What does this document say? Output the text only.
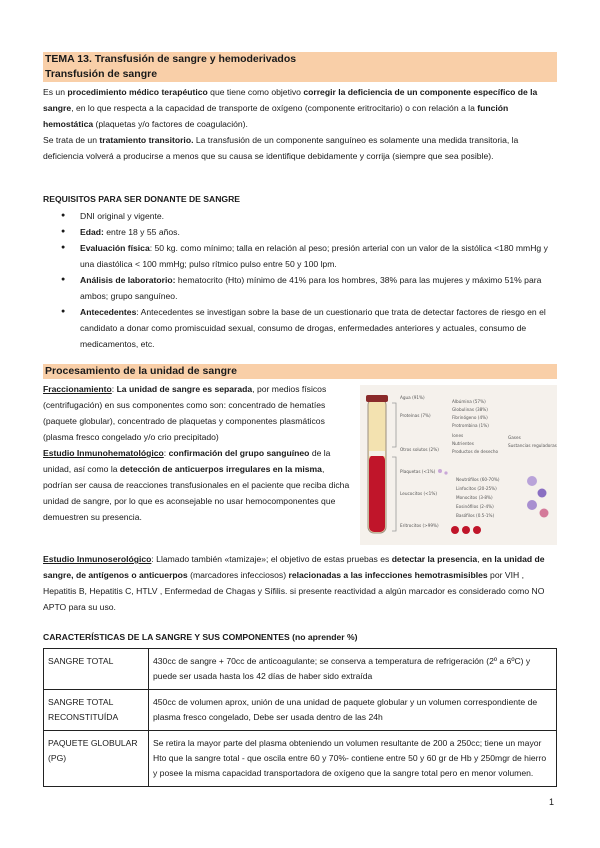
TEMA 13. Transfusión de sangre y hemoderivados
Transfusión de sangre
Es un procedimiento médico terapéutico que tiene como objetivo corregir la deficiencia de un componente específico de la sangre, en lo que respecta a la capacidad de transporte de oxígeno (componente eritrocitario) o con relación a la función hemostática (plaquetas y/o factores de coagulación).
Se trata de un tratamiento transitorio. La transfusión de un componente sanguíneo es solamente una medida transitoria, la deficiencia volverá a producirse a menos que su causa se identifique debidamente y corrija (siempre que sea posible).
REQUISITOS PARA SER DONANTE DE SANGRE
● DNI original y vigente.
● Edad: entre 18 y 55 años.
● Evaluación física: 50 kg. como mínimo; talla en relación al peso; presión arterial con un valor de la sistólica <180 mmHg y una diastólica < 100 mmHg; pulso rítmico pulso entre 50 y 100 lpm.
● Análisis de laboratorio: hematocrito (Hto) mínimo de 41% para los hombres, 38% para las mujeres y máximo 51% para ambos; grupo sanguíneo.
● Antecedentes: Antecedentes se investigan sobre la base de un cuestionario que trata de detectar factores de riesgo en el candidato a donar como promiscuidad sexual, consumo de drogas, enfermedades anteriores y actuales, consumo de medicamentos, etc.
Procesamiento de la unidad de sangre
Fraccionamiento: La unidad de sangre es separada, por medios físicos (centrifugación) en sus componentes como son: concentrado de hematíes (paquete globular), concentrado de plaquetas y componentes plasmáticos (plasma fresco congelado y/o crio precipitado)
Estudio Inmunohematológico: confirmación del grupo sanguíneo de la unidad, así como la detección de anticuerpos irregulares en la misma, podrían ser causa de reacciones transfusionales en el paciente que reciba dicha unidad de sangre, por lo que es aconsejable no usar hemocomponentes que demuestren su presencia.
Estudio Inmunoserológico: Llamado también «tamizaje»; el objetivo de estas pruebas es detectar la presencia, en la unidad de sangre, de antígenos o anticuerpos (marcadores infecciosos) relacionadas a las infecciones hemotrasmisibles por VIH , Hepatitis B, Hepatitis C, HTLV , Enfermedad de Chagas y Sífilis. si presente reactividad a algún marcador es considerado como NO APTO para su uso.
Agua (91%)
Proteínas (7%)
Albúmina (57%)
Globulinas (38%)
Fibrinógeno (4%)
Protrombina (1%)
Otros solutos (2%)
Iones
Nutrientes
Productos de desecho
Gases
Sustancias reguladoras
Plaquetas (<1%)
Leucocitos (<1%)
Neutrófilos (60-70%)
Linfocitos (20-25%)
Monocitos (3-8%)
Eosinófilos (2-4%)
Basófilos (0.5-1%)
Eritrocitos (>99%)
CARACTERÍSTICAS DE LA SANGRE Y SUS COMPONENTES (no aprender %)
SANGRE TOTAL	430cc de sangre + 70cc de anticoagulante; se conserva a temperatura de refrigeración (2º a 6ºC) y puede ser usada hasta los 42 días de haber sido extraída
SANGRE TOTAL RECONSTITUÍDA	450cc de volumen aprox, unión de una unidad de paquete globular y un volumen correspondiente de plasma fresco congelado, Debe ser usada dentro de las 24h
PAQUETE GLOBULAR (PG)	Se retira la mayor parte del plasma obteniendo un volumen resultante de 200 a 250cc; tiene un mayor Hto que la sangre total - que oscila entre 60 y 70%- contiene entre 50 y 60 gr de Hb y 250mgr de hierro y posee la misma capacidad transportadora de oxígeno que la sangre total pero en menor volumen.
1
